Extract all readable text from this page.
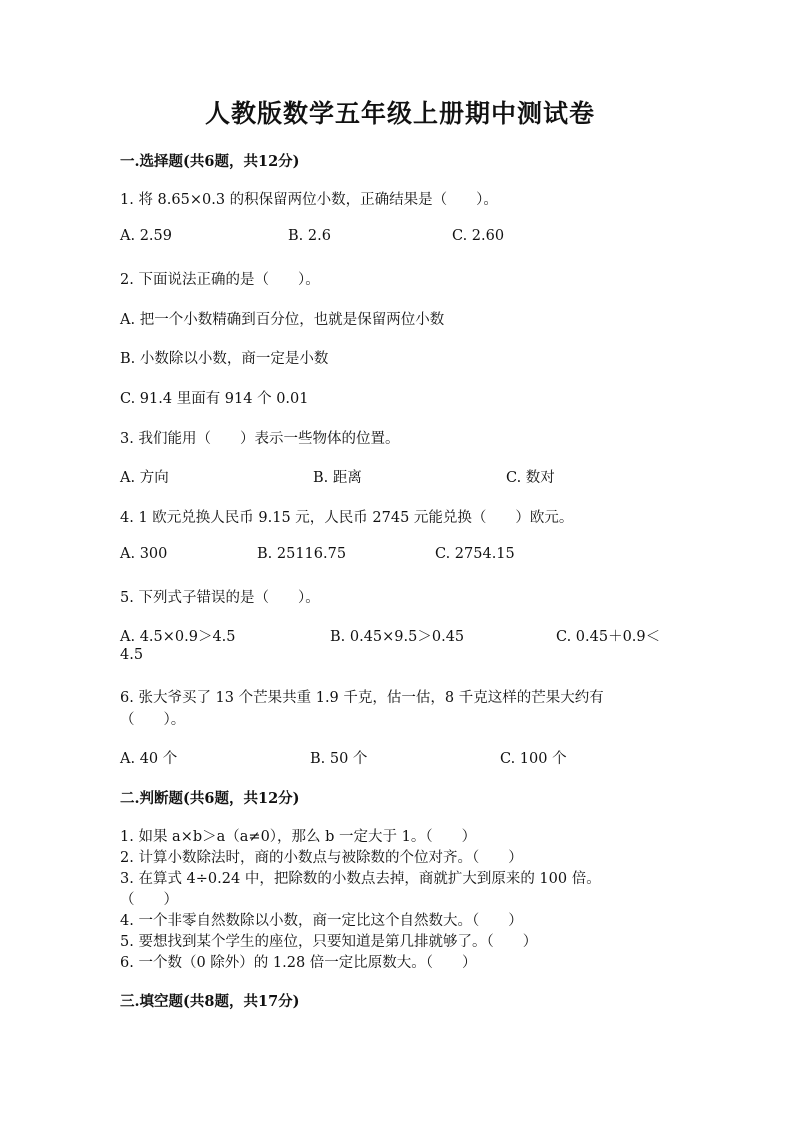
人教版数学五年级上册期中测试卷
一.选择题(共6题，共12分)
1. 将 8.65×0.3 的积保留两位小数，正确结果是（　　）。
A. 2.59	B. 2.6	C. 2.60
2. 下面说法正确的是（　　）。
A. 把一个小数精确到百分位，也就是保留两位小数
B. 小数除以小数，商一定是小数
C. 91.4 里面有 914 个 0.01
3. 我们能用（　　）表示一些物体的位置。
A. 方向	B. 距离	C. 数对
4. 1 欧元兑换人民币 9.15 元，人民币 2745 元能兑换（　　）欧元。
A. 300	B. 25116.75	C. 2754.15
5. 下列式子错误的是（　　）。
A. 4.5×0.9＞4.5	B. 0.45×9.5＞0.45	C. 0.45＋0.9＜
4.5
6. 张大爷买了 13 个芒果共重 1.9 千克，估一估，8 千克这样的芒果大约有
（　　）。
A. 40 个	B. 50 个	C. 100 个
二.判断题(共6题，共12分)
1. 如果 a×b＞a（a≠0），那么 b 一定大于 1。（　　）
2. 计算小数除法时，商的小数点与被除数的个位对齐。（　　）
3. 在算式 4÷0.24 中，把除数的小数点去掉，商就扩大到原来的 100 倍。
（　　）
4. 一个非零自然数除以小数，商一定比这个自然数大。（　　）
5. 要想找到某个学生的座位，只要知道是第几排就够了。（　　）
6. 一个数（0 除外）的 1.28 倍一定比原数大。（　　）
三.填空题(共8题，共17分)
